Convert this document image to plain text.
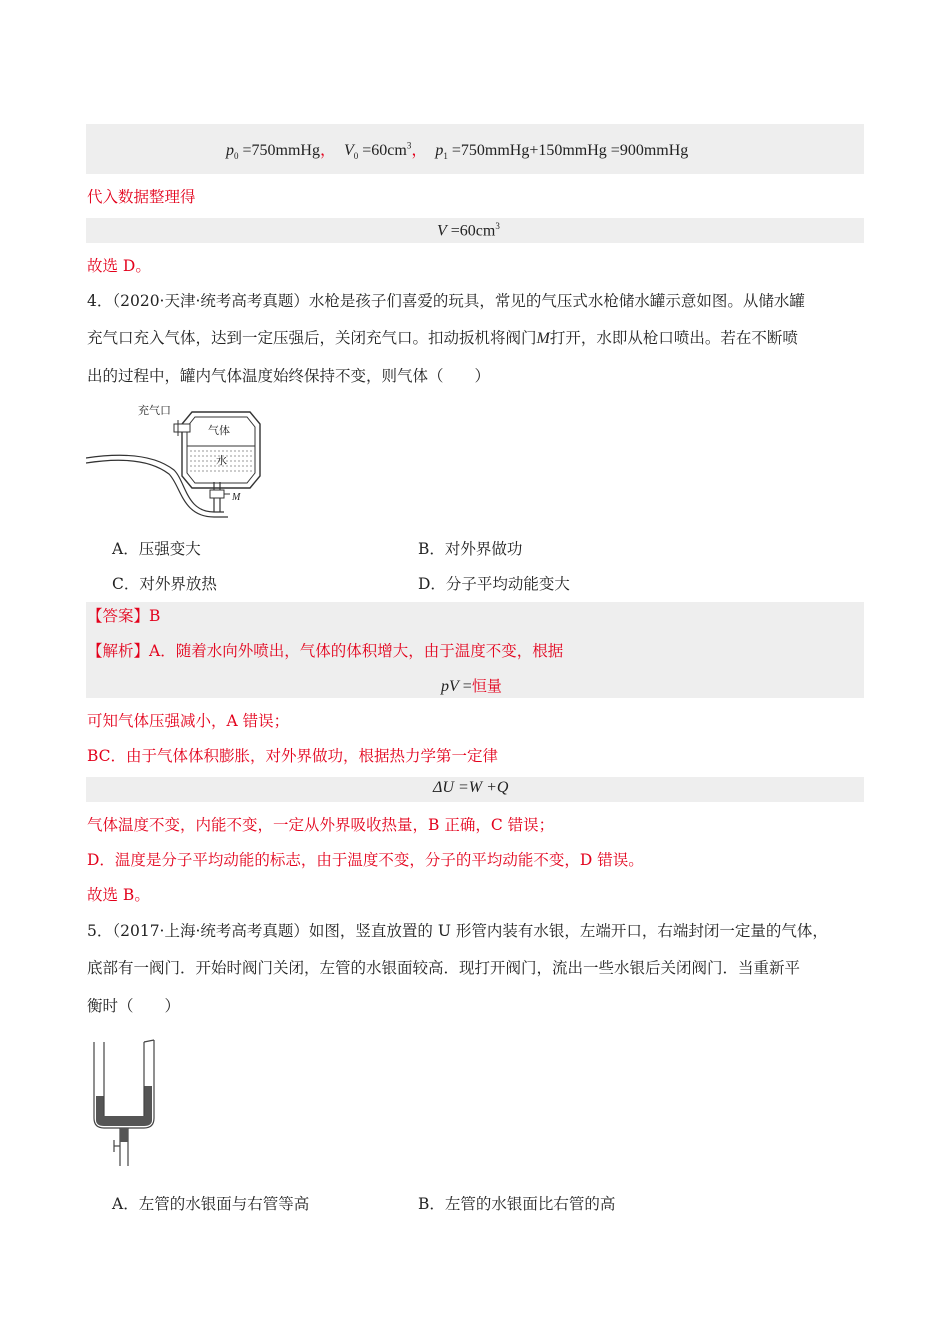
$p_0$ =750mmHg， $V_0 =60cm^3$， $p_1$ =750mmHg+150mmHg =900mmHg
代入数据整理得
$V =60cm^3$
故选 D。
4．（2020·天津·统考高考真题）水枪是孩子们喜爱的玩具，常见的气压式水枪储水罐示意如图。从储水罐
充气口充入气体，达到一定压强后，关闭充气口。扣动扳机将阀门M打开，水即从枪口喷出。若在不断喷
出的过程中，罐内气体温度始终保持不变，则气体（　　）
充气口
气体
水
M
A．压强变大	B．对外界做功
C．对外界放热	D．分子平均动能变大
【答案】B
【解析】A．随着水向外喷出，气体的体积增大，由于温度不变，根据
pV =恒量
可知气体压强减小，A 错误；
BC．由于气体体积膨胀，对外界做功，根据热力学第一定律
ΔU =W +Q
气体温度不变，内能不变，一定从外界吸收热量，B 正确，C 错误；
D．温度是分子平均动能的标志，由于温度不变，分子的平均动能不变，D 错误。
故选 B。
5．（2017·上海·统考高考真题）如图，竖直放置的 U 形管内装有水银，左端开口，右端封闭一定量的气体，
底部有一阀门．开始时阀门关闭，左管的水银面较高．现打开阀门，流出一些水银后关闭阀门．当重新平
衡时（　　）
A．左管的水银面与右管等高	B．左管的水银面比右管的高
